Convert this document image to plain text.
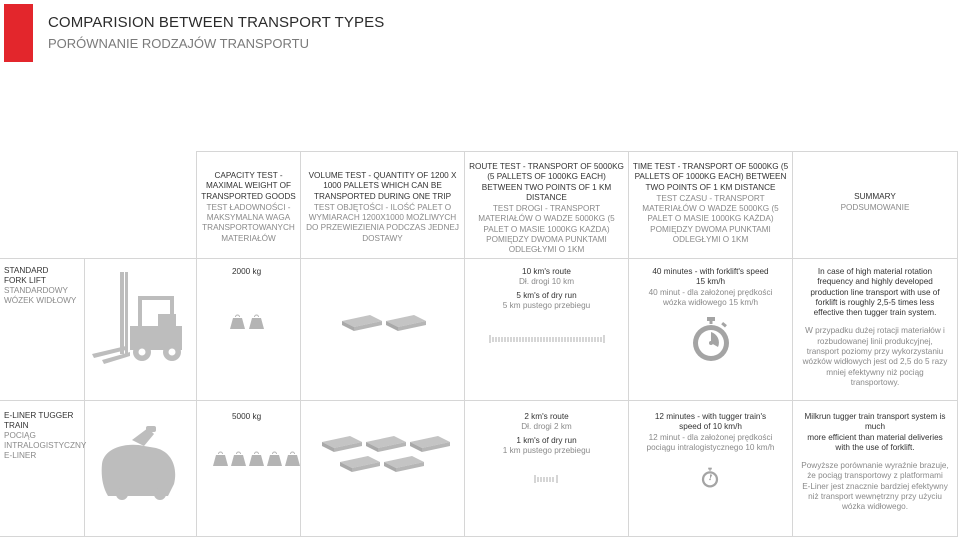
COMPARISION BETWEEN TRANSPORT TYPES
PORÓWNANIE RODZAJÓW TRANSPORTU
CAPACITY TEST - MAXIMAL WEIGHT OF TRANSPORTED GOODS
TEST ŁADOWNOŚCI - MAKSYMALNA WAGA TRANSPORTOWANYCH MATERIAŁÓW
VOLUME TEST - QUANTITY OF 1200 X 1000 PALLETS WHICH CAN BE TRANSPORTED DURING ONE TRIP
TEST OBJĘTOŚCI - ILOŚĆ PALET O WYMIARACH 1200X1000 MOŻLIWYCH DO PRZEWIEZIENIA PODCZAS JEDNEJ DOSTAWY
ROUTE TEST - TRANSPORT OF 5000KG (5 PALLETS OF 1000KG EACH) BETWEEN TWO POINTS OF 1 KM DISTANCE
TEST DROGI - TRANSPORT MATERIAŁÓW O WADZE 5000KG (5 PALET O MASIE 1000KG KAŻDA) POMIĘDZY DWOMA PUNKTAMI ODLEGŁYMI O 1KM
TIME TEST - TRANSPORT OF 5000KG (5 PALLETS OF 1000KG EACH) BETWEEN TWO POINTS OF 1 KM DISTANCE
TEST CZASU - TRANSPORT MATERIAŁÓW O WADZE 5000KG (5 PALET O MASIE 1000KG KAŻDA) POMIĘDZY DWOMA PUNKTAMI ODLEGŁYMI O 1KM
SUMMARY
PODSUMOWANIE
STANDARD
FORK LIFT
STANDARDOWY
WÓZEK WIDŁOWY
2000 kg	10 km's route
Dł. drogi 10 km
5 km's of dry run
5 km pustego przebiegu
40 minutes - with forklift's speed
15 km/h
40 minut - dla założonej prędkości
wózka widłowego 15 km/h
In case of high material rotation
frequency and highly developed
production line transport with use of
forklift is roughly 2,5-5 times less
effective then tugger train system.
W przypadku dużej rotacji materiałów i
rozbudowanej linii produkcyjnej,
transport poziomy przy wykorzystaniu
wózków widłowych jest od 2,5 do 5 razy
mniej efektywny niż pociąg
transportowy.
E-LINER TUGGER
TRAIN
POCIĄG
INTRALOGISTYCZNY
E-LINER
5000 kg	2 km's route
Dł. drogi 2 km
1 km's of dry run
1 km pustego przebiegu
12 minutes - with tugger train's
speed of 10 km/h
12 minut - dla założonej prędkości
pociągu intralogistycznego 10 km/h
Milkrun tugger train transport system is
much
more efficient than material deliveries
with the use of forklift.
Powyższe porównanie wyraźnie brazuje,
że pociąg transportowy z platformami
E-Liner jest znacznie bardziej efektywny
niż transport wewnętrzny przy użyciu
wózka widłowego.
